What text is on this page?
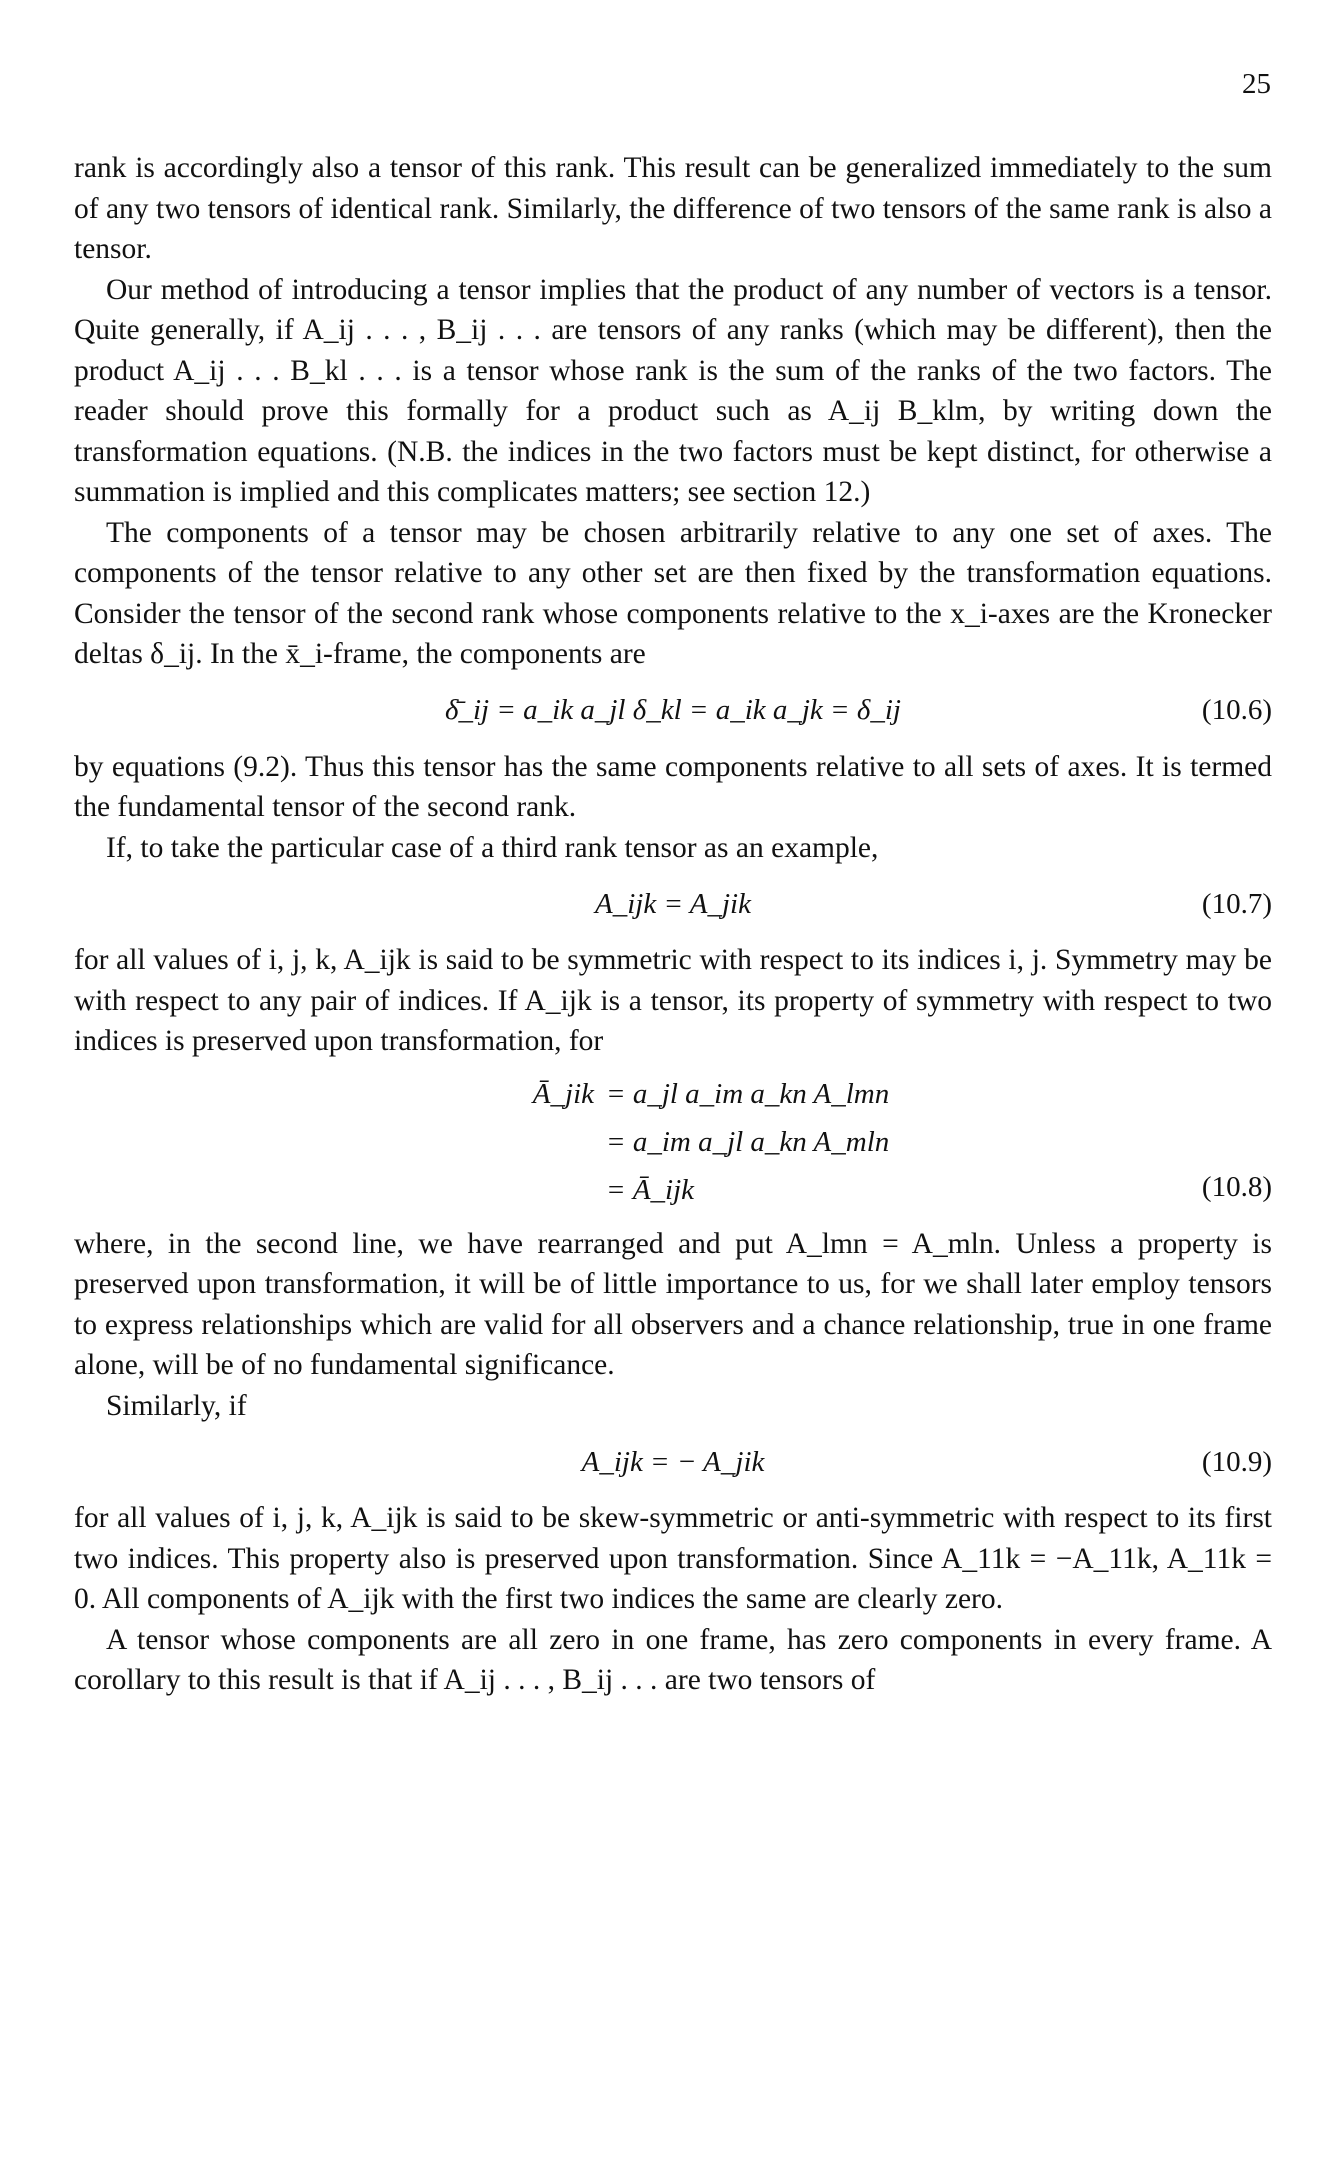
25

rank is accordingly also a tensor of this rank. This result can be generalized immediately to the sum of any two tensors of identical rank. Similarly, the difference of two tensors of the same rank is also a tensor.

Our method of introducing a tensor implies that the product of any number of vectors is a tensor. Quite generally, if A_ij . . . , B_ij . . . are tensors of any ranks (which may be different), then the product A_ij . . . B_kl . . . is a tensor whose rank is the sum of the ranks of the two factors. The reader should prove this formally for a product such as A_ij B_klm, by writing down the transformation equations. (N.B. the indices in the two factors must be kept distinct, for otherwise a summation is implied and this complicates matters; see section 12.)

The components of a tensor may be chosen arbitrarily relative to any one set of axes. The components of the tensor relative to any other set are then fixed by the transformation equations. Consider the tensor of the second rank whose components relative to the x_i-axes are the Kronecker deltas δ_ij. In the x̄_i-frame, the components are

δ̄_ij = a_ik a_jl δ_kl = a_ik a_jk = δ_ij	(10.6)

by equations (9.2). Thus this tensor has the same components relative to all sets of axes. It is termed the fundamental tensor of the second rank.

If, to take the particular case of a third rank tensor as an example,

A_ijk = A_jik	(10.7)

for all values of i, j, k, A_ijk is said to be symmetric with respect to its indices i, j. Symmetry may be with respect to any pair of indices. If A_ijk is a tensor, its property of symmetry with respect to two indices is preserved upon transformation, for

Ā_jik = a_jl a_im a_kn A_lmn
= a_im a_jl a_kn A_mln
= Ā_ijk	(10.8)

where, in the second line, we have rearranged and put A_lmn = A_mln. Unless a property is preserved upon transformation, it will be of little importance to us, for we shall later employ tensors to express relationships which are valid for all observers and a chance relationship, true in one frame alone, will be of no fundamental significance.

Similarly, if

A_ijk = − A_jik	(10.9)

for all values of i, j, k, A_ijk is said to be skew-symmetric or anti-symmetric with respect to its first two indices. This property also is preserved upon transformation. Since A_11k = −A_11k, A_11k = 0. All components of A_ijk with the first two indices the same are clearly zero.

A tensor whose components are all zero in one frame, has zero components in every frame. A corollary to this result is that if A_ij . . . , B_ij . . . are two tensors of
